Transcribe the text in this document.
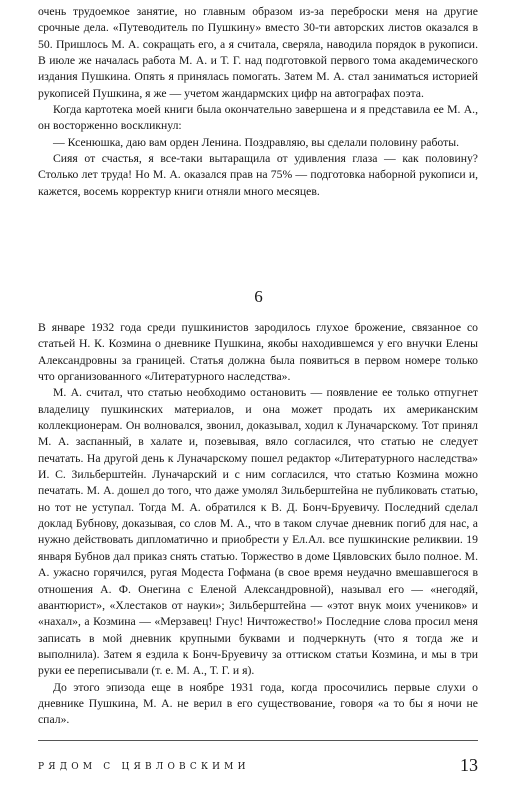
очень трудоемкое занятие, но главным образом из-за переброски меня на другие срочные дела. «Путеводитель по Пушкину» вместо 30-ти авторских листов оказался в 50. Пришлось М. А. сокращать его, а я считала, сверяла, наводила порядок в рукописи. В июле же началась работа М. А. и Т. Г. над подготовкой первого тома академического издания Пушкина. Опять я принялась помогать. Затем М. А. стал заниматься историей рукописей Пушкина, я же — учетом жандармских цифр на автографах поэта.

Когда картотека моей книги была окончательно завершена и я представила ее М. А., он восторженно воскликнул:

— Ксенюшка, даю вам орден Ленина. Поздравляю, вы сделали половину работы.

Сияя от счастья, я все-таки вытаращила от удивления глаза — как половину? Столько лет труда! Но М. А. оказался прав на 75% — подготовка наборной рукописи и, кажется, восемь корректур книги отняли много месяцев.

6

В январе 1932 года среди пушкинистов зародилось глухое брожение, связанное со статьей Н. К. Козмина о дневнике Пушкина, якобы находившемся у его внучки Елены Александровны за границей. Статья должна была появиться в первом номере только что организованного «Литературного наследства».

М. А. считал, что статью необходимо остановить — появление ее только отпугнет владелицу пушкинских материалов, и она может продать их американским коллекционерам. Он волновался, звонил, доказывал, ходил к Луначарскому. Тот принял М. А. заспанный, в халате и, позевывая, вяло согласился, что статью не следует печатать. На другой день к Луначарскому пошел редактор «Литературного наследства» И. С. Зильберштейн. Луначарский и с ним согласился, что статью Козмина можно печатать. М. А. дошел до того, что даже умолял Зильберштейна не публиковать статью, но тот не уступал. Тогда М. А. обратился к В. Д. Бонч-Бруевичу. Последний сделал доклад Бубнову, доказывая, со слов М. А., что в таком случае дневник погиб для нас, а нужно действовать дипломатично и приобрести у Ел.Ал. все пушкинские реликвии. 19 января Бубнов дал приказ снять статью. Торжество в доме Цявловских было полное. М. А. ужасно горячился, ругая Модеста Гофмана (в свое время неудачно вмешавшегося в отношения А. Ф. Онегина с Еленой Александровной), называл его — «негодяй, авантюрист», «Хлестаков от науки»; Зильберштейна — «этот внук моих учеников» и «нахал», а Козмина — «Мерзавец! Гнус! Ничтожество!» Последние слова просил меня записать в мой дневник крупными буквами и подчеркнуть (что я тогда же и выполнила). Затем я ездила к Бонч-Бруевичу за оттиском статьи Козмина, и мы в три руки ее переписывали (т. е. М. А., Т. Г. и я).

До этого эпизода еще в ноябре 1931 года, когда просочились первые слухи о дневнике Пушкина, М. А. не верил в его существование, говоря «а то бы я ночи не спал».

РЯДОМ С ЦЯВЛОВСКИМИ	13
